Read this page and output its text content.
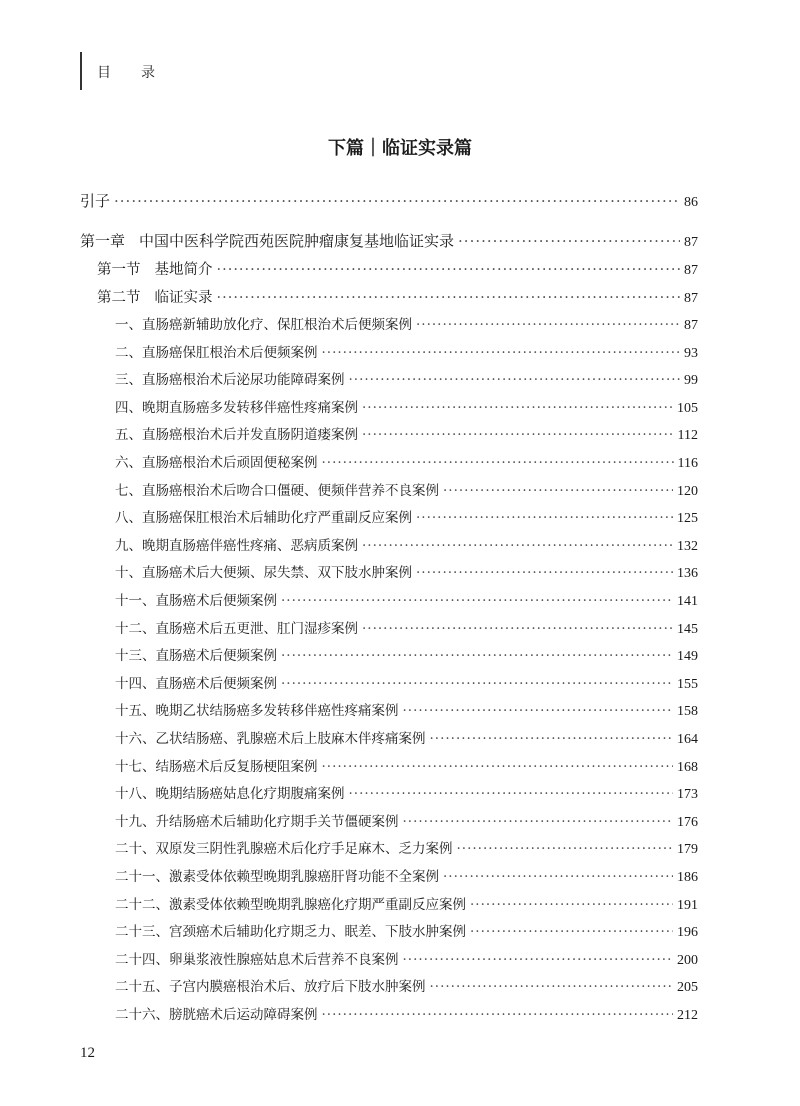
目 录
下篇｜临证实录篇
引子 ·····	86
第一章 中国中医科学院西苑医院肿瘤康复基地临证实录 ·····	87
第一节 基地简介 ·····	87
第二节 临证实录 ·····	87
一、直肠癌新辅助放化疗、保肛根治术后便频案例 ·····	87
二、直肠癌保肛根治术后便频案例 ·····	93
三、直肠癌根治术后泌尿功能障碍案例 ·····	99
四、晚期直肠癌多发转移伴癌性疼痛案例 ·····	105
五、直肠癌根治术后并发直肠阴道瘘案例 ·····	112
六、直肠癌根治术后顽固便秘案例 ·····	116
七、直肠癌根治术后吻合口僵硬、便频伴营养不良案例 ·····	120
八、直肠癌保肛根治术后辅助化疗严重副反应案例 ·····	125
九、晚期直肠癌伴癌性疼痛、恶病质案例 ·····	132
十、直肠癌术后大便频、尿失禁、双下肢水肿案例 ·····	136
十一、直肠癌术后便频案例 ·····	141
十二、直肠癌术后五更泄、肛门湿疹案例 ·····	145
十三、直肠癌术后便频案例 ·····	149
十四、直肠癌术后便频案例 ·····	155
十五、晚期乙状结肠癌多发转移伴癌性疼痛案例 ·····	158
十六、乙状结肠癌、乳腺癌术后上肢麻木伴疼痛案例 ·····	164
十七、结肠癌术后反复肠梗阻案例 ·····	168
十八、晚期结肠癌姑息化疗期腹痛案例 ·····	173
十九、升结肠癌术后辅助化疗期手关节僵硬案例 ·····	176
二十、双原发三阴性乳腺癌术后化疗手足麻木、乏力案例 ·····	179
二十一、激素受体依赖型晚期乳腺癌肝肾功能不全案例 ·····	186
二十二、激素受体依赖型晚期乳腺癌化疗期严重副反应案例 ·····	191
二十三、宫颈癌术后辅助化疗期乏力、眠差、下肢水肿案例 ·····	196
二十四、卵巢浆液性腺癌姑息术后营养不良案例 ·····	200
二十五、子宫内膜癌根治术后、放疗后下肢水肿案例 ·····	205
二十六、膀胱癌术后运动障碍案例 ·····	212
12
